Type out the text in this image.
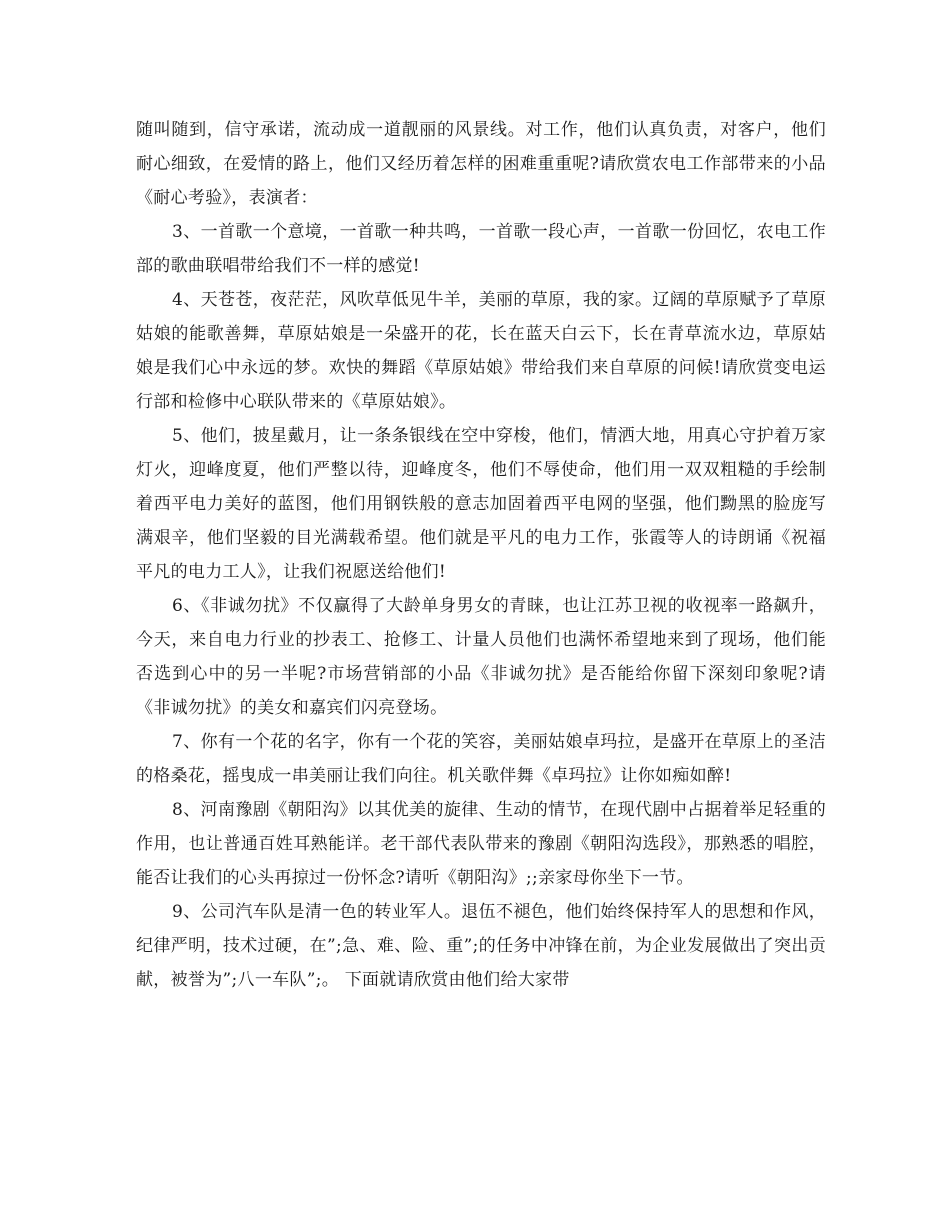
随叫随到，信守承诺，流动成一道靓丽的风景线。对工作，他们认真负责，对客户，他们耐心细致，在爱情的路上，他们又经历着怎样的困难重重呢?请欣赏农电工作部带来的小品《耐心考验》，表演者：

3、一首歌一个意境，一首歌一种共鸣，一首歌一段心声，一首歌一份回忆，农电工作部的歌曲联唱带给我们不一样的感觉!

4、天苍苍，夜茫茫，风吹草低见牛羊，美丽的草原，我的家。辽阔的草原赋予了草原姑娘的能歌善舞，草原姑娘是一朵盛开的花，长在蓝天白云下，长在青草流水边，草原姑娘是我们心中永远的梦。欢快的舞蹈《草原姑娘》带给我们来自草原的问候!请欣赏变电运行部和检修中心联队带来的《草原姑娘》。

5、他们，披星戴月，让一条条银线在空中穿梭，他们，情洒大地，用真心守护着万家灯火，迎峰度夏，他们严整以待，迎峰度冬，他们不辱使命，他们用一双双粗糙的手绘制着西平电力美好的蓝图，他们用钢铁般的意志加固着西平电网的坚强，他们黝黑的脸庞写满艰辛，他们坚毅的目光满载希望。他们就是平凡的电力工作，张霞等人的诗朗诵《祝福平凡的电力工人》，让我们祝愿送给他们!

6、《非诚勿扰》不仅赢得了大龄单身男女的青睐，也让江苏卫视的收视率一路飙升，今天，来自电力行业的抄表工、抢修工、计量人员他们也满怀希望地来到了现场，他们能否选到心中的另一半呢?市场营销部的小品《非诚勿扰》是否能给你留下深刻印象呢?请《非诚勿扰》的美女和嘉宾们闪亮登场。

7、你有一个花的名字，你有一个花的笑容，美丽姑娘卓玛拉，是盛开在草原上的圣洁的格桑花，摇曳成一串美丽让我们向往。机关歌伴舞《卓玛拉》让你如痴如醉!

8、河南豫剧《朝阳沟》以其优美的旋律、生动的情节，在现代剧中占据着举足轻重的作用，也让普通百姓耳熟能详。老干部代表队带来的豫剧《朝阳沟选段》，那熟悉的唱腔，能否让我们的心头再掠过一份怀念?请听《朝阳沟》;;亲家母你坐下一节。

9、公司汽车队是清一色的转业军人。退伍不褪色，他们始终保持军人的思想和作风，纪律严明，技术过硬，在”;急、难、险、重”;的任务中冲锋在前，为企业发展做出了突出贡献，被誉为”;八一车队”;。 下面就请欣赏由他们给大家带
